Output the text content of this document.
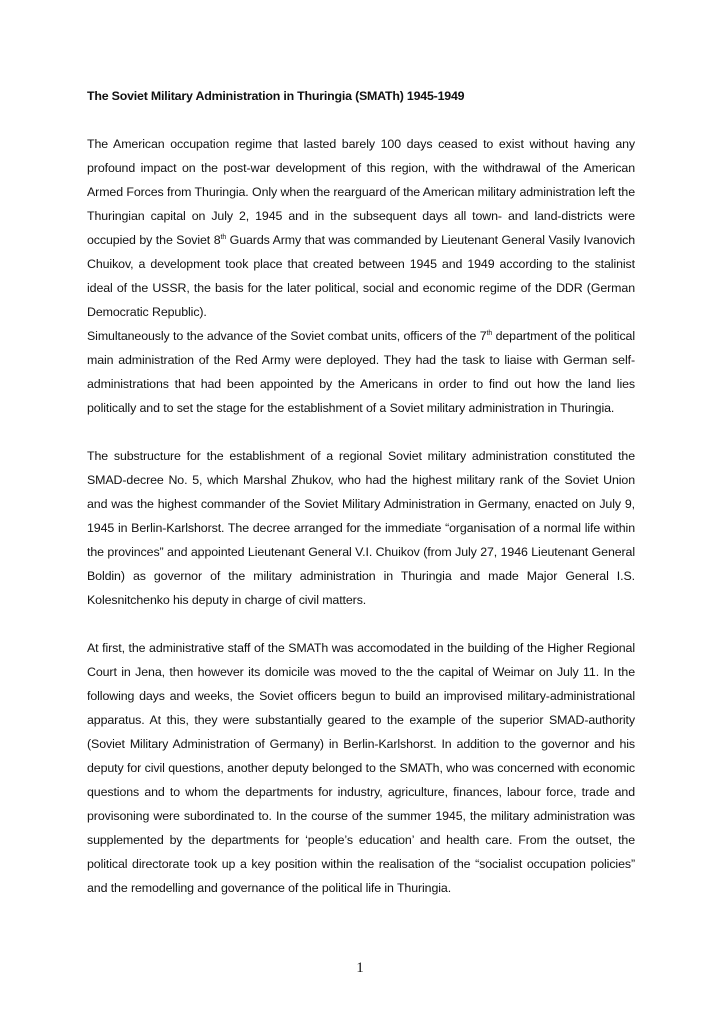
The Soviet Military Administration in Thuringia (SMATh) 1945-1949

The American occupation regime that lasted barely 100 days ceased to exist without having any profound impact on the post-war development of this region, with the withdrawal of the American Armed Forces from Thuringia. Only when the rearguard of the American military administration left the Thuringian capital on July 2, 1945 and in the subsequent days all town- and land-districts were occupied by the Soviet 8th Guards Army that was commanded by Lieutenant General Vasily Ivanovich Chuikov, a development took place that created between 1945 and 1949 according to the stalinist ideal of the USSR, the basis for the later political, social and economic regime of the DDR (German Democratic Republic).

Simultaneously to the advance of the Soviet combat units, officers of the 7th department of the political main administration of the Red Army were deployed. They had the task to liaise with German self-administrations that had been appointed by the Americans in order to find out how the land lies politically and to set the stage for the establishment of a Soviet military administration in Thuringia.

The substructure for the establishment of a regional Soviet military administration constituted the SMAD-decree No. 5, which Marshal Zhukov, who had the highest military rank of the Soviet Union and was the highest commander of the Soviet Military Administration in Germany, enacted on July 9, 1945 in Berlin-Karlshorst. The decree arranged for the immediate “organisation of a normal life within the provinces” and appointed Lieutenant General V.I. Chuikov (from July 27, 1946 Lieutenant General Boldin) as governor of the military administration in Thuringia and made Major General I.S. Kolesnitchenko his deputy in charge of civil matters.

At first, the administrative staff of the SMATh was accomodated in the building of the Higher Regional Court in Jena, then however its domicile was moved to the the capital of Weimar on July 11. In the following days and weeks, the Soviet officers begun to build an improvised military-administrational apparatus. At this, they were substantially geared to the example of the superior SMAD-authority (Soviet Military Administration of Germany) in Berlin-Karlshorst. In addition to the governor and his deputy for civil questions, another deputy belonged to the SMATh, who was concerned with economic questions and to whom the departments for industry, agriculture, finances, labour force, trade and provisoning were subordinated to. In the course of the summer 1945, the military administration was supplemented by the departments for ‘people’s education’ and health care. From the outset, the political directorate took up a key position within the realisation of the “socialist occupation policies” and the remodelling and governance of the political life in Thuringia.

1
